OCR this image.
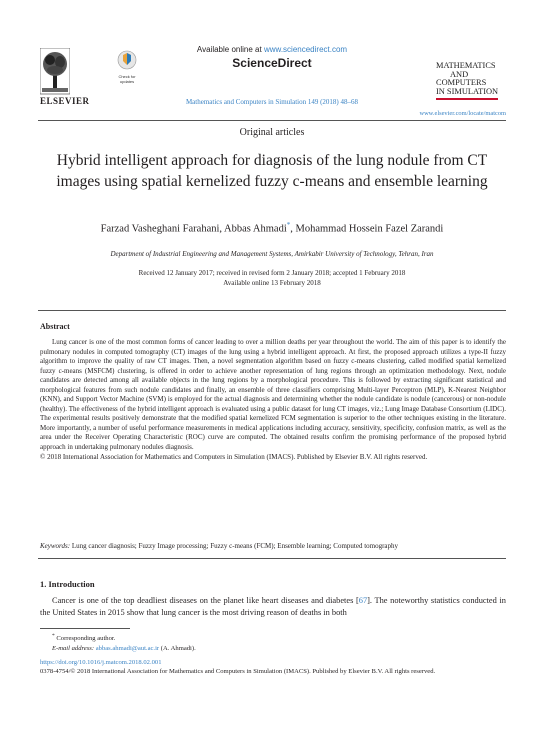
ELSEVIER
Check for updates
Available online at www.sciencedirect.com
ScienceDirect
Mathematics and Computers in Simulation 149 (2018) 48–68
MATHEMATICS
AND
COMPUTERS
IN SIMULATION
www.elsevier.com/locate/matcom
Original articles
Hybrid intelligent approach for diagnosis of the lung nodule from CT images using spatial kernelized fuzzy c-means and ensemble learning
Farzad Vasheghani Farahani, Abbas Ahmadi*, Mohammad Hossein Fazel Zarandi
Department of Industrial Engineering and Management Systems, Amirkabir University of Technology, Tehran, Iran
Received 12 January 2017; received in revised form 2 January 2018; accepted 1 February 2018
Available online 13 February 2018
Abstract
Lung cancer is one of the most common forms of cancer leading to over a million deaths per year throughout the world. The aim of this paper is to identify the pulmonary nodules in computed tomography (CT) images of the lung using a hybrid intelligent approach. At first, the proposed approach utilizes a type-II fuzzy algorithm to improve the quality of raw CT images. Then, a novel segmentation algorithm based on fuzzy c-means clustering, called modified spatial kernelized fuzzy c-means (MSFCM) clustering, is offered in order to achieve another representation of lung regions through an optimization methodology. Next, nodule candidates are detected among all available objects in the lung regions by a morphological procedure. This is followed by extracting significant statistical and morphological features from such nodule candidates and finally, an ensemble of three classifiers comprising Multi-layer Perceptron (MLP), K-Nearest Neighbor (KNN), and Support Vector Machine (SVM) is employed for the actual diagnosis and determining whether the nodule candidate is nodule (cancerous) or non-nodule (healthy). The effectiveness of the hybrid intelligent approach is evaluated using a public dataset for lung CT images, viz.; Lung Image Database Consortium (LIDC). The experimental results positively demonstrate that the modified spatial kernelized FCM segmentation is superior to the other techniques existing in the literature. More importantly, a number of useful performance measurements in medical applications including accuracy, sensitivity, specificity, confusion matrix, as well as the area under the Receiver Operating Characteristic (ROC) curve are computed. The obtained results confirm the promising performance of the proposed hybrid approach in undertaking pulmonary nodules diagnosis.
© 2018 International Association for Mathematics and Computers in Simulation (IMACS). Published by Elsevier B.V. All rights reserved.
Keywords: Lung cancer diagnosis; Fuzzy Image processing; Fuzzy c-means (FCM); Ensemble learning; Computed tomography
1. Introduction
Cancer is one of the top deadliest diseases on the planet like heart diseases and diabetes [67]. The noteworthy statistics conducted in the United States in 2015 show that lung cancer is the most driving reason of deaths in both
* Corresponding author.
E-mail address: abbas.ahmadi@aut.ac.ir (A. Ahmadi).
https://doi.org/10.1016/j.matcom.2018.02.001
0378-4754/© 2018 International Association for Mathematics and Computers in Simulation (IMACS). Published by Elsevier B.V. All rights reserved.
